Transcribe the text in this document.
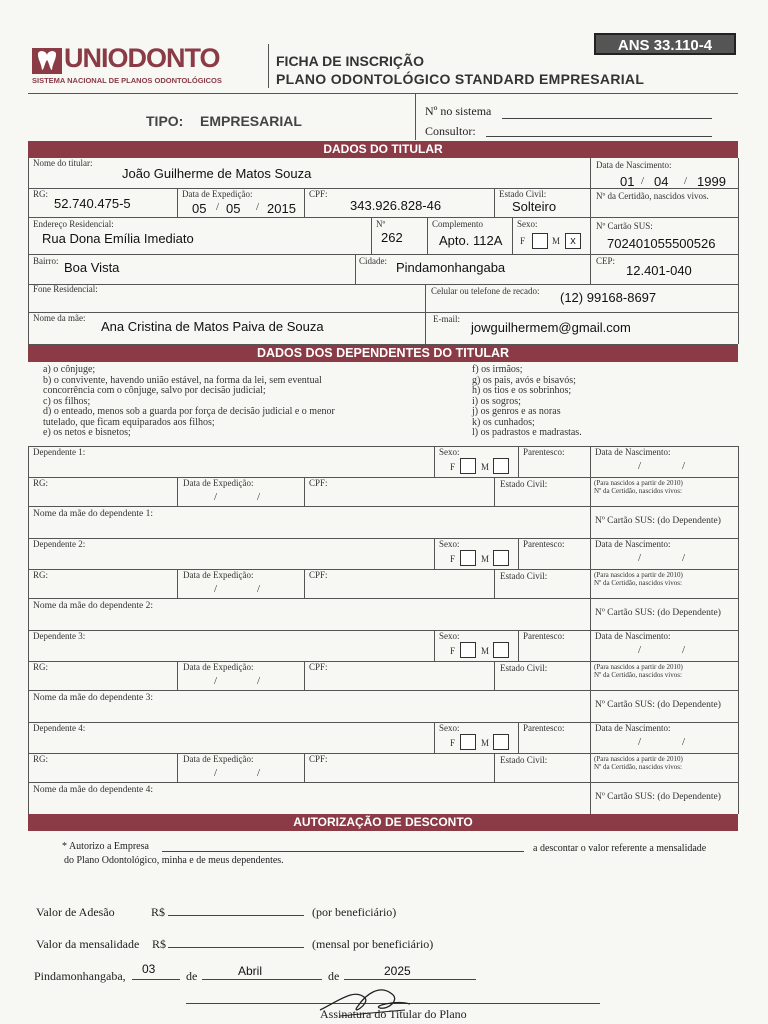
UNIODONTO
SISTEMA NACIONAL DE PLANOS ODONTOLÓGICOS
FICHA DE INSCRIÇÃO
PLANO ODONTOLÓGICO STANDARD EMPRESARIAL
ANS 33.110-4
TIPO: EMPRESARIAL
Nº no sistema
Consultor:
DADOS DO TITULAR
Nome do titular:
João Guilherme de Matos Souza
Data de Nascimento:
01 / 04 / 1999
RG:
52.740.475-5
Data de Expedição:
05 / 05 / 2015
CPF:
343.926.828-46
Estado Civil:
Solteiro
Nº da Certidão, nascidos vivos.
Endereço Residencial:
Rua Dona Emília Imediato
Nº
262
Complemento
Apto. 112A
Sexo:
F	M x
Nº Cartão SUS:
702401055500526
Bairro: Boa Vista	Cidade: Pindamonhangaba	CEP:
12.401-040
Fone Residencial:	Celular ou telefone de recado: (12) 99168-8697
Nome da mãe:
Ana Cristina de Matos Paiva de Souza	E-mail:
jowguilhermem@gmail.com
DADOS DOS DEPENDENTES DO TITULAR
a) o cônjuge;
b) o convivente, havendo união estável, na forma da lei, sem eventual
concorrência com o cônjuge, salvo por decisão judicial;
c) os filhos;
d) o enteado, menos sob a guarda por força de decisão judicial e o menor
tutelado, que ficam equiparados aos filhos;
e) os netos e bisnetos;
f) os irmãos;
g) os pais, avós e bisavós;
h) os tios e os sobrinhos;
i) os sogros;
j) os genros e as noras
k) os cunhados;
l) os padrastos e madrastas.
Dependente 1:	Sexo:
F	M
Parentesco:	Data de Nascimento:
/	/
RG:	Data de Expedição:
/	/
CPF:	Estado Civil:	(Para nascidos a partir de 2010)
Nº da Certidão, nascidos vivos:
Nome da mãe do dependente 1:
Nº Cartão SUS: (do Dependente)
Dependente 2:	Sexo:
F	M
Parentesco:	Data de Nascimento:
/	/
RG:	Data de Expedição:
/	/
CPF:	Estado Civil:	(Para nascidos a partir de 2010)
Nº da Certidão, nascidos vivos:
Nome da mãe do dependente 2:
Nº Cartão SUS: (do Dependente)
Dependente 3:	Sexo:
F	M
Parentesco:	Data de Nascimento:
/	/
RG:	Data de Expedição:
/	/
CPF:	Estado Civil:	(Para nascidos a partir de 2010)
Nº da Certidão, nascidos vivos:
Nome da mãe do dependente 3:
Nº Cartão SUS: (do Dependente)
Dependente 4:	Sexo:
F	M
Parentesco:	Data de Nascimento:
/	/
RG:	Data de Expedição:
/	/
CPF:	Estado Civil:	(Para nascidos a partir de 2010)
Nº da Certidão, nascidos vivos:
Nome da mãe do dependente 4:
Nº Cartão SUS: (do Dependente)
AUTORIZAÇÃO DE DESCONTO
* Autorizo a Empresa	a descontar o valor referente a mensalidade
do Plano Odontológico, minha e de meus dependentes.
Valor de Adesão	R$	(por beneficiário)
Valor da mensalidade R$	(mensal por beneficiário)
Pindamonhangaba, 03	de	Abril	de	2025
Assinatura do Titular do Plano
